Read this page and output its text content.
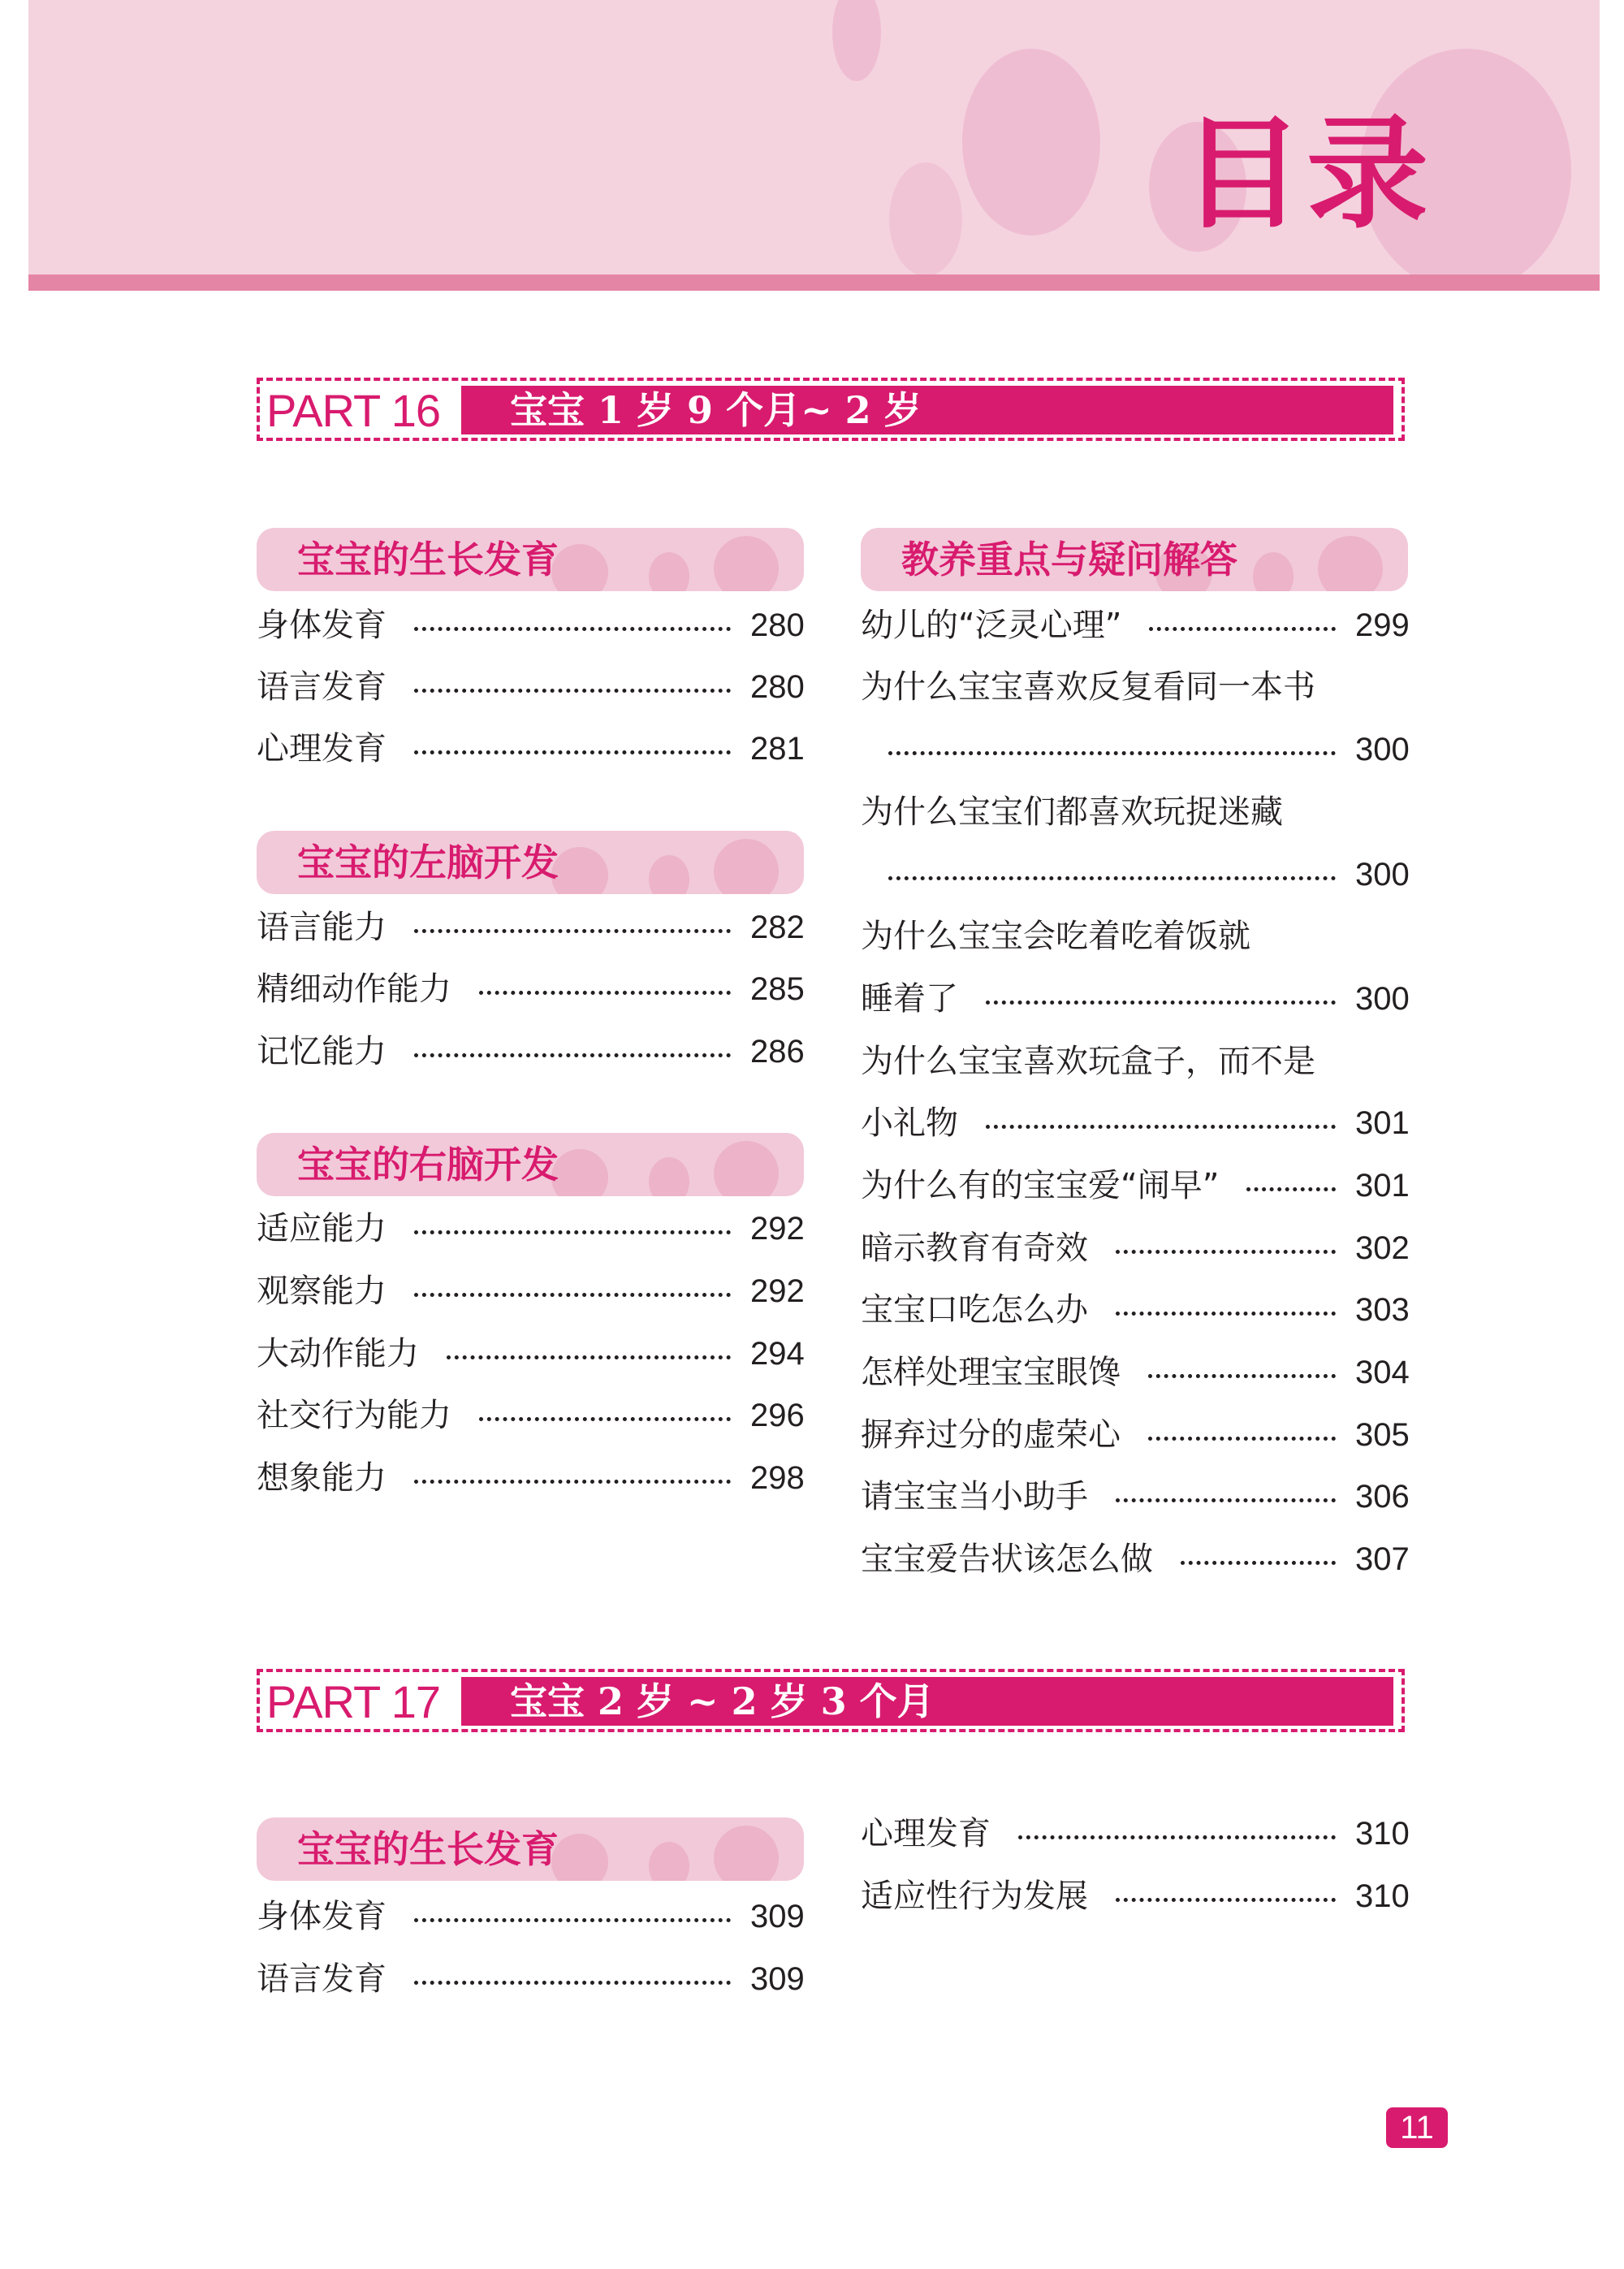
目录
PART 16 宝宝 1 岁 9 个月~ 2 岁
宝宝的生长发育
身体发育	280
语言发育	280
心理发育	281
宝宝的左脑开发
语言能力	282
精细动作能力	285
记忆能力	286
宝宝的右脑开发
适应能力	292
观察能力	292
大动作能力	294
社交行为能力	296
想象能力	298
教养重点与疑问解答
幼儿的“泛灵心理”	299
为什么宝宝喜欢反复看同一本书
300
为什么宝宝们都喜欢玩捉迷藏
300
为什么宝宝会吃着吃着饭就
睡着了	300
为什么宝宝喜欢玩盒子，而不是
小礼物	301
为什么有的宝宝爱“闹早”	301
暗示教育有奇效	302
宝宝口吃怎么办	303
怎样处理宝宝眼馋	304
摒弃过分的虚荣心	305
请宝宝当小助手	306
宝宝爱告状该怎么做	307
PART 17 宝宝 2 岁 ~ 2 岁 3 个月
宝宝的生长发育
身体发育	309
语言发育	309
心理发育	310
适应性行为发展	310
11
